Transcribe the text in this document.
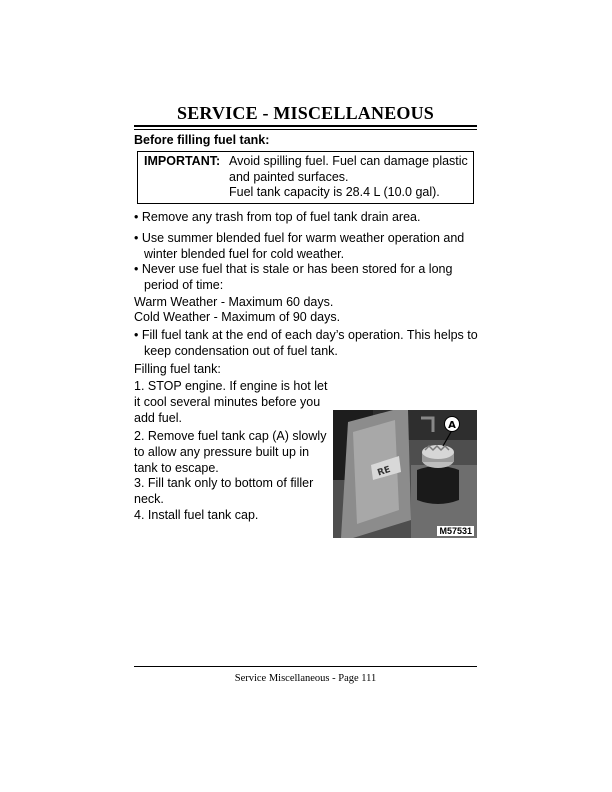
SERVICE - MISCELLANEOUS
Before filling fuel tank:
IMPORTANT: Avoid spilling fuel. Fuel can damage plastic
and painted surfaces.
Fuel tank capacity is 28.4 L (10.0 gal).
• Remove any trash from top of fuel tank drain area.
• Use summer blended fuel for warm weather operation and winter blended fuel for cold weather.
• Never use fuel that is stale or has been stored for a long period of time:
Warm Weather - Maximum 60 days.
Cold Weather - Maximum of 90 days.
• Fill fuel tank at the end of each day’s operation. This helps to keep condensation out of fuel tank.
Filling fuel tank:
1. STOP engine. If engine is hot let it cool several minutes before you add fuel.
2. Remove fuel tank cap (A) slowly to allow any pressure built up in tank to escape.
3. Fill tank only to bottom of filler neck.
4. Install fuel tank cap.
RE
A
M57531
Service Miscellaneous - Page 111
